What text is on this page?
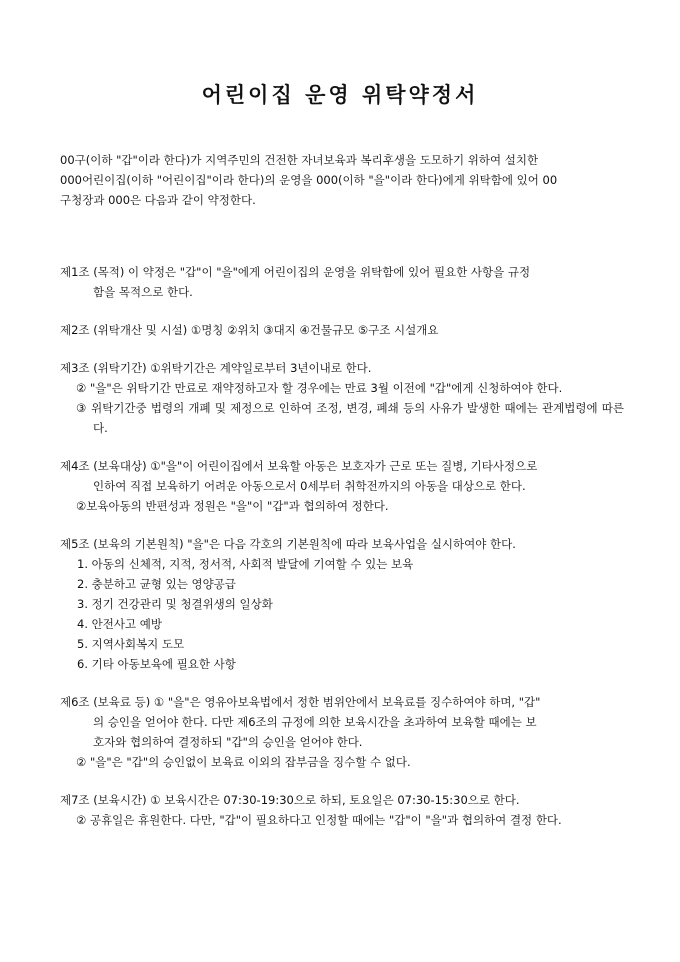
어린이집 운영 위탁약정서

00구(이하 "갑"이라 한다)가 지역주민의 건전한 자녀보육과 복리후생을 도모하기 위하여 설치한

000어린이집(이하 "어린이집"이라 한다)의 운영을 000(이하 "을"이라 한다)에게 위탁함에 있어 00

구청장과 000은 다음과 같이 약정한다.

제1조 (목적) 이 약정은 "갑"이 "을"에게 어린이집의 운영을 위탁함에 있어 필요한 사항을 규정

함을 목적으로 한다.

제2조 (위탁개산 및 시설) ①명칭 ②위치 ③대지 ④건물규모 ⑤구조 시설개요

제3조 (위탁기간) ①위탁기간은 계약일로부터 3년이내로 한다.

② "을"은 위탁기간 만료로 재약정하고자 할 경우에는 만료 3월 이전에 "갑"에게 신청하여야 한다.
③ 위탁기간중 법령의 개폐 및 제정으로 인하여 조정, 변경, 폐쇄 등의 사유가 발생한 때에는 관계법령에 따른다.

제4조 (보육대상) ①"을"이 어린이집에서 보육할 아동은 보호자가 근로 또는 질병, 기타사정으로

인하여 직접 보육하기 어려운 아동으로서 0세부터 취학전까지의 아동을 대상으로 한다.

②보육아동의 반편성과 정원은 "을"이 "갑"과 협의하여 정한다.

제5조 (보육의 기본원칙) "을"은 다음 각호의 기본원칙에 따라 보육사업을 실시하여야 한다.

1. 아동의 신체적, 지적, 정서적, 사회적 발달에 기여할 수 있는 보육

2. 충분하고 균형 있는 영양공급

3. 정기 건강관리 및 청결위생의 일상화

4. 안전사고 예방

5. 지역사회복지 도모

6. 기타 아동보육에 필요한 사항

제6조 (보육료 등) ① "을"은 영유아보육법에서 정한 범위안에서 보육료를 징수하여야 하며, "갑"

의 승인을 얻어야 한다. 다만 제6조의 규정에 의한 보육시간을 초과하여 보육할 때에는 보

호자와 협의하여 결정하되 "갑"의 승인을 얻어야 한다.

② "을"은 "갑"의 승인없이 보육료 이외의 잡부금을 징수할 수 없다.

제7조 (보육시간) ① 보육시간은 07:30-19:30으로 하되, 토요일은 07:30-15:30으로 한다.

② 공휴일은 휴원한다. 다만, "갑"이 필요하다고 인정할 때에는 "갑"이 "을"과 협의하여 결정 한다.
